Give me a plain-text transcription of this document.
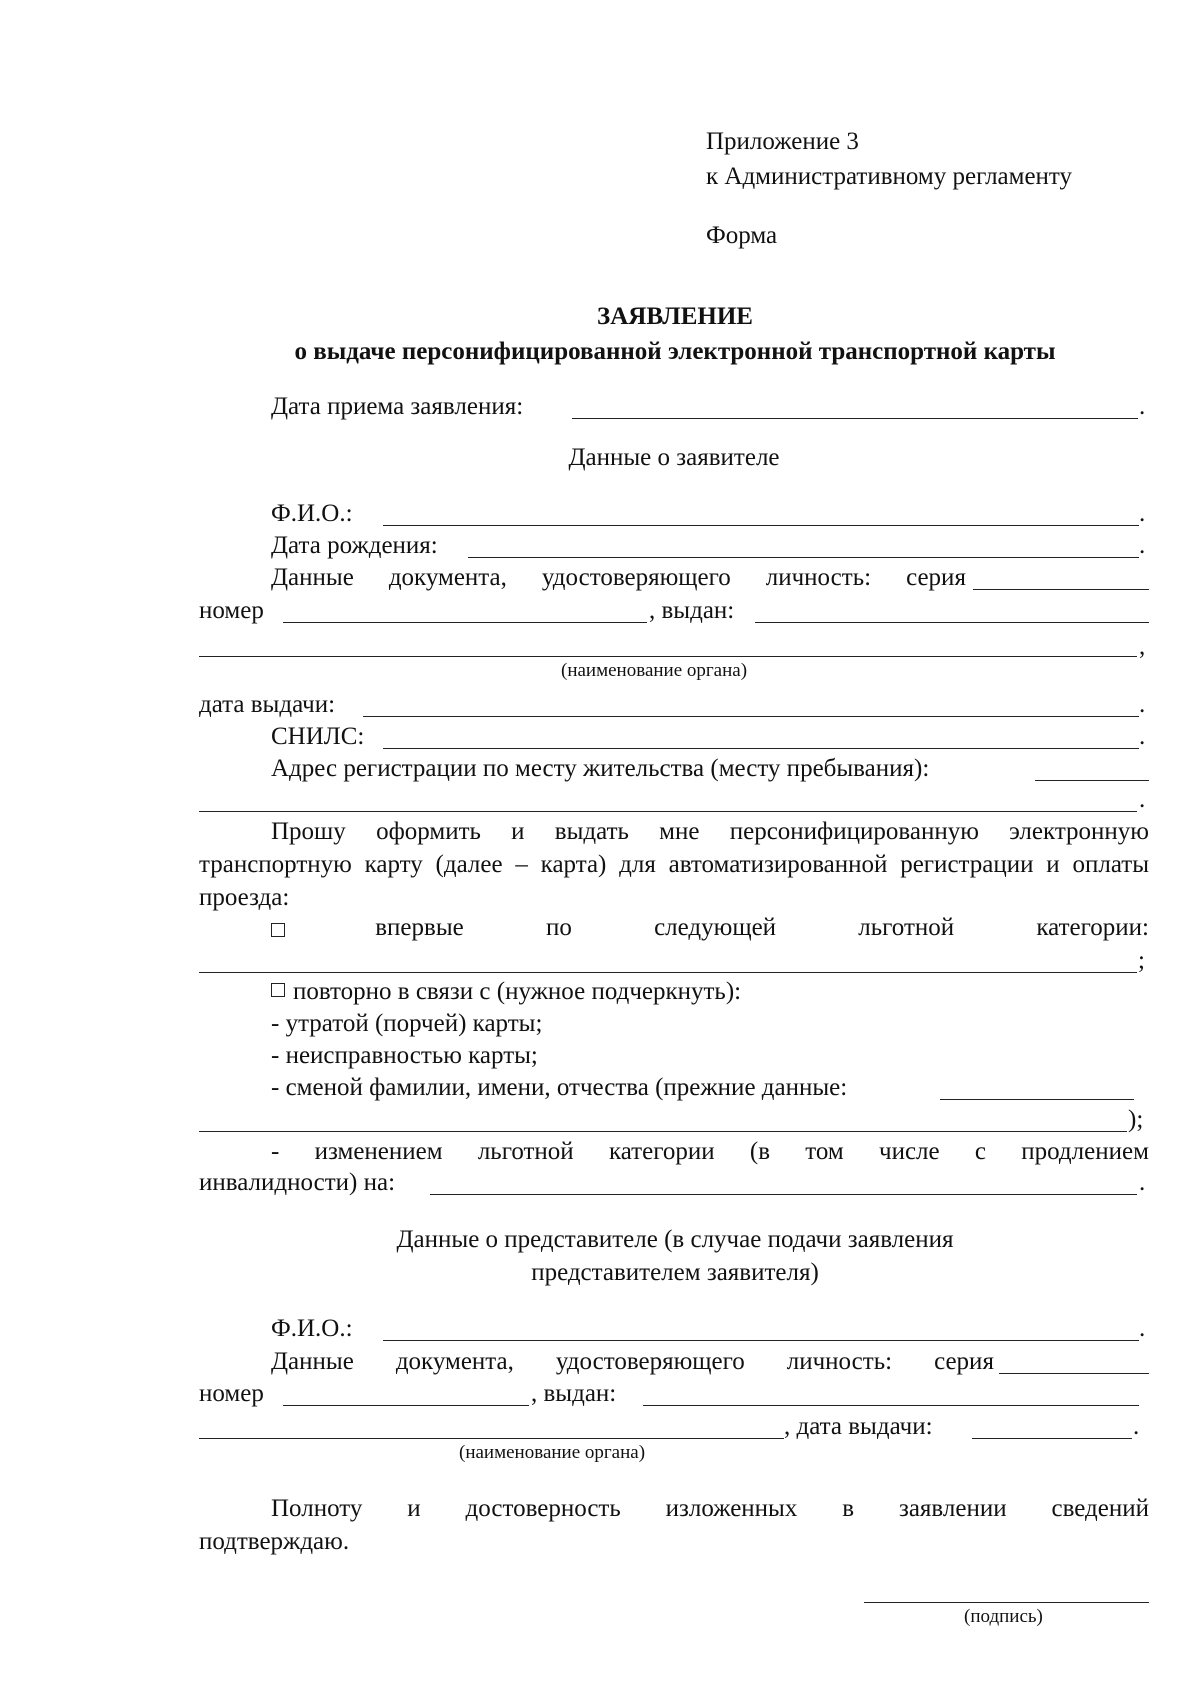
Приложение 3
к Административному регламенту
Форма
ЗАЯВЛЕНИЕ
о выдаче персонифицированной электронной транспортной карты
Дата приема заявления:	.
Данные о заявителе
Ф.И.О.:	.
Дата рождения:	.
Данные документа, удостоверяющего личность: серия
номер	, выдан:
,
(наименование органа)
дата выдачи:	.
СНИЛС:	.
Адрес регистрации по месту жительства (месту пребывания):
.
Прошу оформить и выдать мне персонифицированную электронную транспортную карту (далее – карта) для автоматизированной регистрации и оплаты проезда:
впервые	по	следующей	льготной	категории:
;
повторно в связи с (нужное подчеркнуть):
- утратой (порчей) карты;
- неисправностью карты;
- сменой фамилии, имени, отчества (прежние данные:
);
- изменением льготной категории (в том числе с продлением
инвалидности) на:	.
Данные о представителе (в случае подачи заявления
представителем заявителя)
Ф.И.О.:	.
Данные документа, удостоверяющего личность: серия
номер	, выдан:
, дата выдачи:	.
(наименование органа)
Полноту и достоверность изложенных в заявлении сведений
подтверждаю.
(подпись)
